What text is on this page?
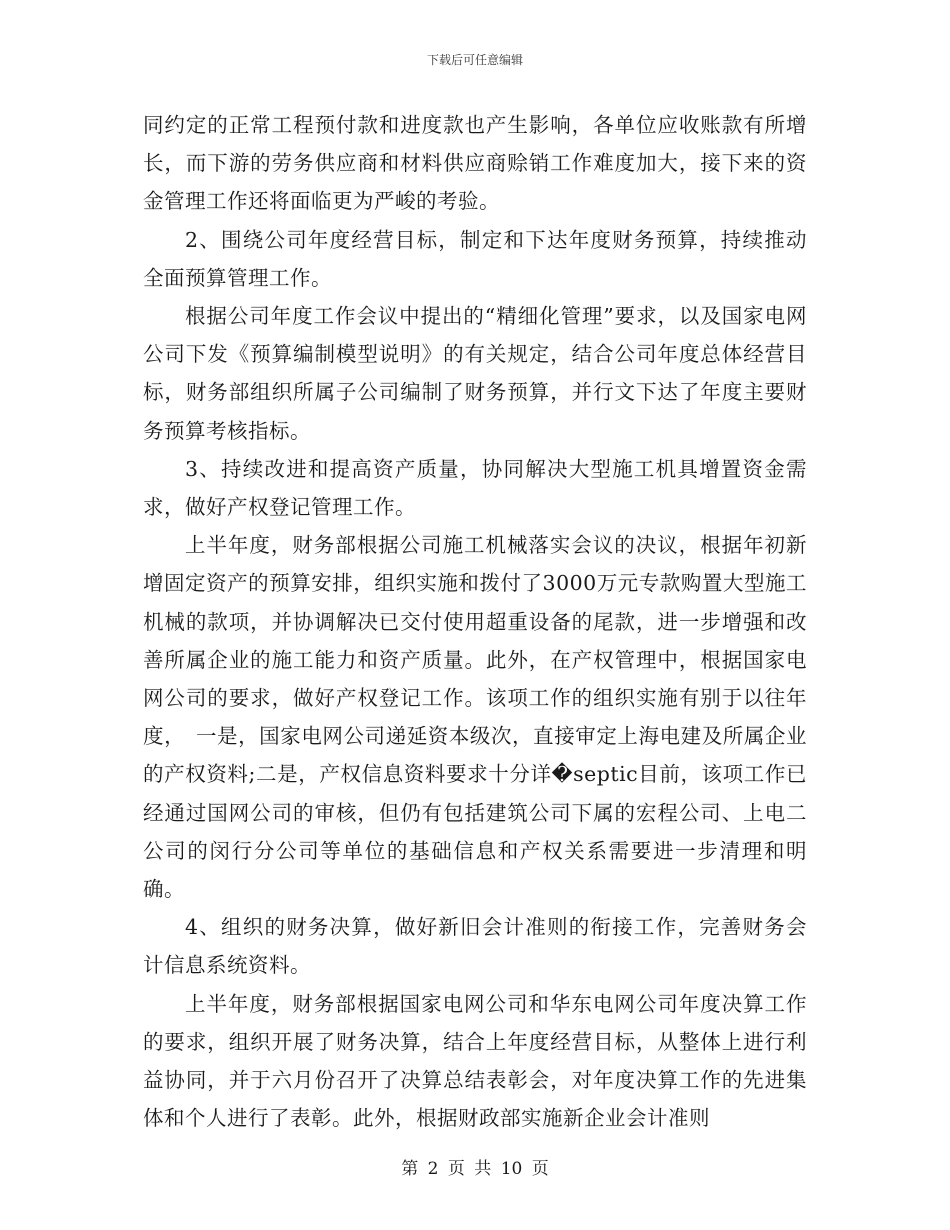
下载后可任意编辑

同约定的正常工程预付款和进度款也产生影响，各单位应收账款有所增长，而下游的劳务供应商和材料供应商赊销工作难度加大，接下来的资金管理工作还将面临更为严峻的考验。

2、围绕公司年度经营目标，制定和下达年度财务预算，持续推动全面预算管理工作。

根据公司年度工作会议中提出的“精细化管理”要求，以及国家电网公司下发《预算编制模型说明》的有关规定，结合公司年度总体经营目标，财务部组织所属子公司编制了财务预算，并行文下达了年度主要财务预算考核指标。

3、持续改进和提高资产质量，协同解决大型施工机具增置资金需求，做好产权登记管理工作。

上半年度，财务部根据公司施工机械落实会议的决议，根据年初新增固定资产的预算安排，组织实施和拨付了3000万元专款购置大型施工机械的款项，并协调解决已交付使用超重设备的尾款，进一步增强和改善所属企业的施工能力和资产质量。此外，在产权管理中，根据国家电网公司的要求，做好产权登记工作。该项工作的组织实施有别于以往年度，　一是，国家电网公司递延资本级次，直接审定上海电建及所属企业的产权资料;二是，产权信息资料要求十分详�septic目前，该项工作已经通过国网公司的审核，但仍有包括建筑公司下属的宏程公司、上电二公司的闵行分公司等单位的基础信息和产权关系需要进一步清理和明确。

4、组织的财务决算，做好新旧会计准则的衔接工作，完善财务会计信息系统资料。

上半年度，财务部根据国家电网公司和华东电网公司年度决算工作的要求，组织开展了财务决算，结合上年度经营目标，从整体上进行利益协同，并于六月份召开了决算总结表彰会，对年度决算工作的先进集体和个人进行了表彰。此外，根据财政部实施新企业会计准则

第 2 页 共 10 页
